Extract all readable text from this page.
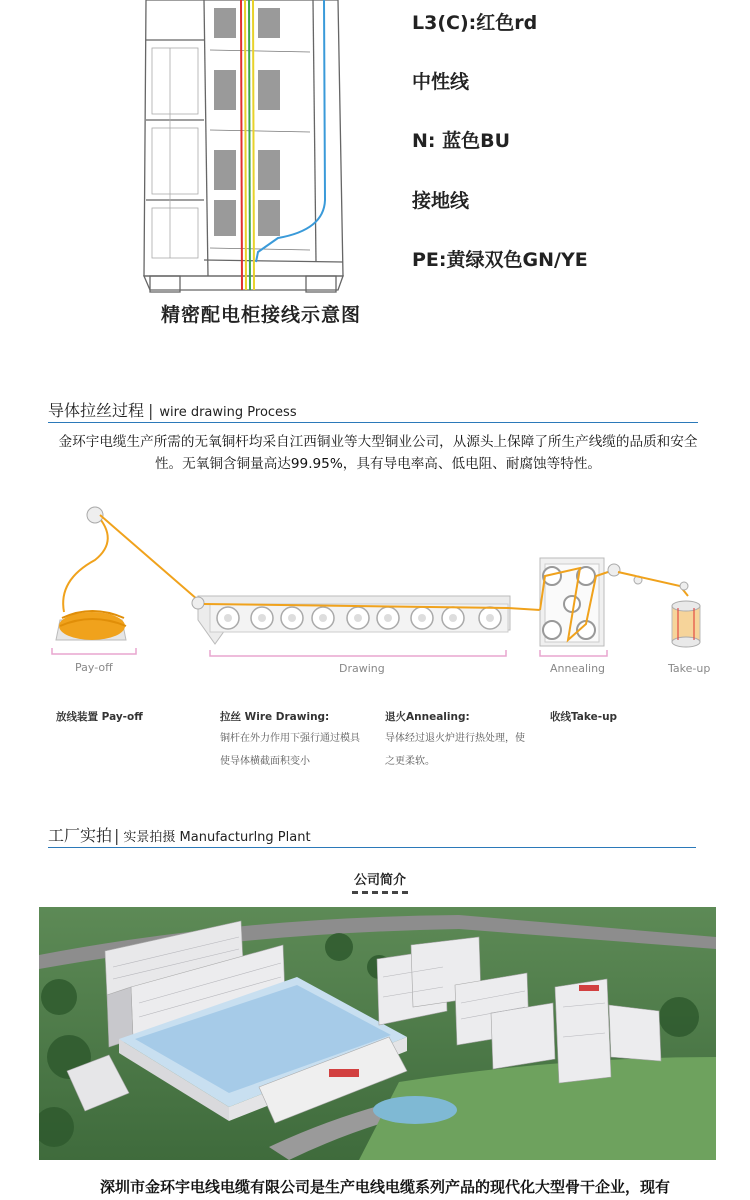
L3(C):红色rd
中性线
N: 蓝色BU
接地线
PE:黄绿双色GN/YE
精密配电柜接线示意图
导体拉丝过程 | wire drawing Process
金环宇电缆生产所需的无氧铜杆均采自江西铜业等大型铜业公司，从源头上保障了所生产线缆的品质和安全性。无氧铜含铜量高达99.95%，具有导电率高、低电阻、耐腐蚀等特性。
Pay-off	Drawing	Annealing	Take-up
放线装置 Pay-off	拉丝 Wire Drawing:
铜杆在外力作用下强行通过模具
使导体横截面积变小
退火Annealing:
导体经过退火炉进行热处理，使
之更柔软。
收线Take-up
工厂实拍 | 实景拍摄 Manufacturlng Plant
公司简介
深圳市金环宇电线电缆有限公司是生产电线电缆系列产品的现代化大型骨干企业，现有
